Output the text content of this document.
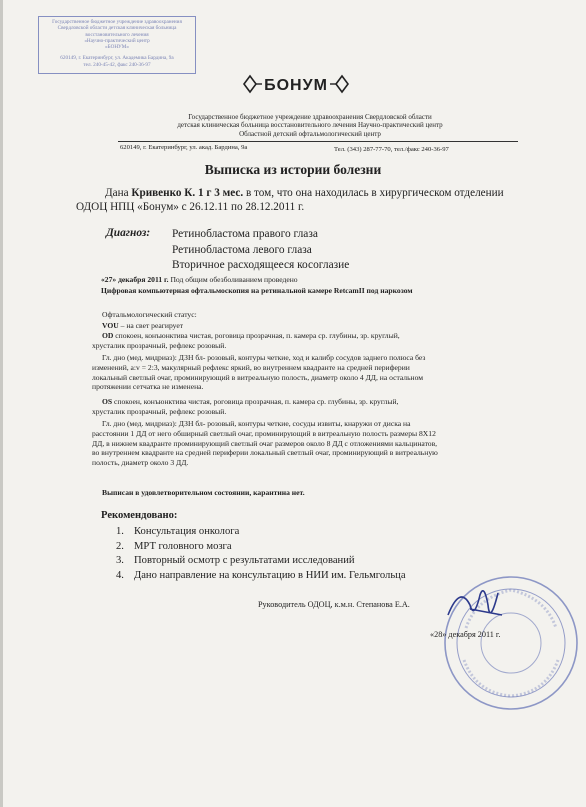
Государственное бюджетное учреждение здравоохранения
Свердловской области детская клиническая больница
восстановительного лечения
«Научно-практический центр
«БОНУМ»
620149, г. Екатеринбург, ул. Академика Бардина, 9а
тел. 240-45-42, факс 240-36-97
БОНУМ
Государственное бюджетное учреждение здравоохранения Свердловской области
детская клиническая больница восстановительного лечения Научно-практический центр
Областной детский офтальмологический центр
620149, г. Екатеринбург, ул. акад. Бардина, 9а	Тел. (343) 287-77-70, тел./факс 240-36-97
Выписка из истории болезни
Дана Кривенко К. 1 г 3 мес. в том, что она находилась в хирургическом отделении
ОДОЦ НПЦ «Бонум» с 26.12.11 по 28.12.2011 г.
Диагноз: Ретинобластома правого глаза
Ретинобластома левого глаза
Вторичное расходящееся косоглазие
«27» декабря 2011 г. Под общим обезболиванием проведено
Цифровая компьютерная офтальмоскопия на ретинальной камере RetcamII под наркозом
Офтальмологический статус:
VOU – на свет реагирует
OD спокоен, конъюнктива чистая, роговица прозрачная, п. камера ср. глубины, зр. круглый,
хрусталик прозрачный, рефлекс розовый.
Гл. дно (мед. мидриаз): ДЗН бл- розовый, контуры четкие, ход и калибр сосудов заднего полюса без
изменений, a:v = 2:3, макулярный рефлекс яркий, во внутреннем квадранте на средней периферии
локальный светлый очаг, проминирующий в витреальную полость, диаметр около 4 ДД, на остальном
протяжении сетчатка не изменена.
OS спокоен, конъюнктива чистая, роговица прозрачная, п. камера ср. глубины, зр. круглый,
хрусталик прозрачный, рефлекс розовый.
Гл. дно (мед. мидриаз): ДЗН бл- розовый, контуры четкие, сосуды извиты, кнаружи от диска на
расстоянии 1 ДД от него обширный светлый очаг, проминирующий в витреальную полость размеры 8Х12
ДД, в нижнем квадранте проминирующий светлый очаг размеров около 8 ДД с отложениями кальцинатов,
во внутреннем квадранте на средней периферии локальный светлый очаг, проминирующий в витреальную
полость, диаметр около 3 ДД.
Выписан в удовлетворительном состоянии, карантина нет.
Рекомендовано:
1. Консультация онколога
2. МРТ головного мозга
3. Повторный осмотр с результатами исследований
4. Дано направление на консультацию в НИИ им. Гельмгольца
Руководитель ОДОЦ, к.м.н. Степанова Е.А.
«28» декабря 2011 г.
